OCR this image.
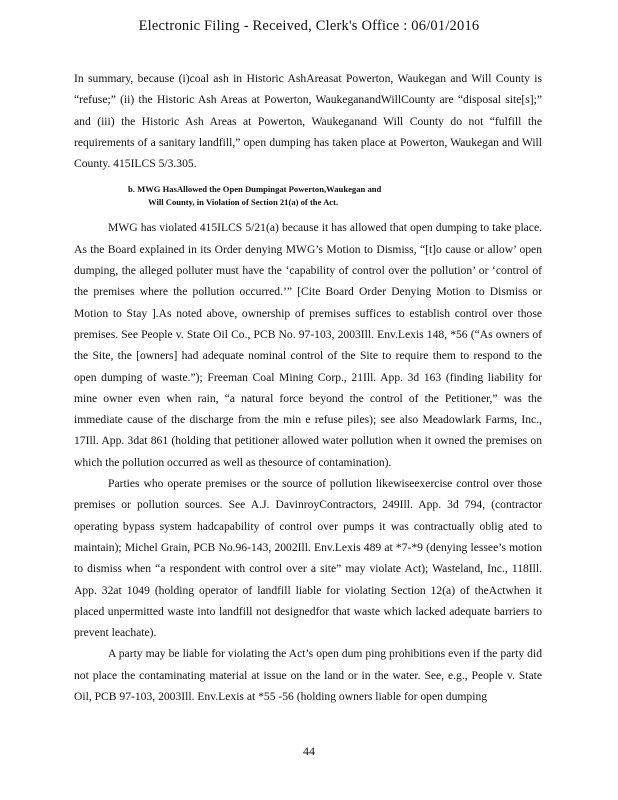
Electronic Filing - Received, Clerk's Office : 06/01/2016

In summary, because (i)coal ash in Historic AshAreasat Powerton, Waukegan and Will County is “refuse;” (ii) the Historic Ash Areas at Powerton, WaukeganandWillCounty are “disposal site[s];” and (iii) the Historic Ash Areas at Powerton, Waukeganand Will County do not “fulfill the requirements of a sanitary landfill,” open dumping has taken place at Powerton, Waukegan and Will County. 415ILCS 5/3.305.

b. MWG HasAllowed the Open Dumpingat Powerton,Waukegan and
Will County, in Violation of Section 21(a) of the Act.

MWG has violated 415ILCS 5/21(a) because it has allowed that open dumping to take place. As the Board explained in its Order denying MWG’s Motion to Dismiss, “[t]o cause or allow’ open dumping, the alleged polluter must have the ‘capability of control over the pollution’ or ‘control of the premises where the pollution occurred.’” [Cite Board Order Denying Motion to Dismiss or Motion to Stay ].As noted above, ownership of premises suffices to establish control over those premises. See People v. State Oil Co., PCB No. 97-103, 2003Ill. Env.Lexis 148, *56 (“As owners of the Site, the [owners] had adequate nominal control of the Site to require them to respond to the open dumping of waste.”); Freeman Coal Mining Corp., 21Ill. App. 3d 163 (finding liability for mine owner even when rain, “a natural force beyond the control of the Petitioner,” was the immediate cause of the discharge from the min e refuse piles); see also Meadowlark Farms, Inc., 17Ill. App. 3dat 861 (holding that petitioner allowed water pollution when it owned the premises on which the pollution occurred as well as thesource of contamination).

Parties who operate premises or the source of pollution likewiseexercise control over those premises or pollution sources. See A.J. DavinroyContractors, 249Ill. App. 3d 794, (contractor operating bypass system hadcapability of control over pumps it was contractually oblig ated to maintain); Michel Grain, PCB No.96-143, 2002Ill. Env.Lexis 489 at *7-*9 (denying lessee’s motion to dismiss when “a respondent with control over a site” may violate Act); Wasteland, Inc., 118Ill. App. 32at 1049 (holding operator of landfill liable for violating Section 12(a) of theActwhen it placed unpermitted waste into landfill not designedfor that waste which lacked adequate barriers to prevent leachate).

A party may be liable for violating the Act’s open dum ping prohibitions even if the party did not place the contaminating material at issue on the land or in the water. See, e.g., People v. State Oil, PCB 97-103, 2003Ill. Env.Lexis at *55 -56 (holding owners liable for open dumping

44
